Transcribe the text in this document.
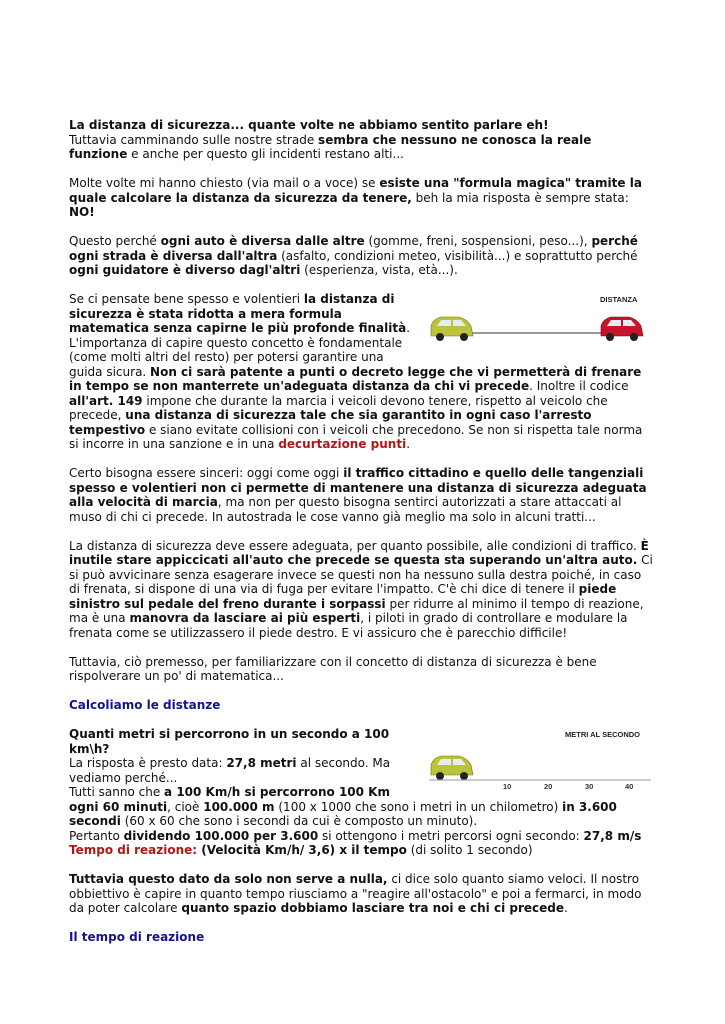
La distanza di sicurezza... quante volte ne abbiamo sentito parlare eh!
Tuttavia camminando sulle nostre strade sembra che nessuno ne conosca la reale funzione e anche per questo gli incidenti restano alti...

Molte volte mi hanno chiesto (via mail o a voce) se esiste una "formula magica" tramite la quale calcolare la distanza da sicurezza da tenere, beh la mia risposta è sempre stata: NO!

Questo perché ogni auto è diversa dalle altre (gomme, freni, sospensioni, peso...), perché ogni strada è diversa dall'altra (asfalto, condizioni meteo, visibilità...) e soprattutto perché ogni guidatore è diverso dagl'altri (esperienza, vista, età...).

DISTANZA

Se ci pensate bene spesso e volentieri la distanza di sicurezza è stata ridotta a mera formula matematica senza capirne le più profonde finalità. L'importanza di capire questo concetto è fondamentale (come molti altri del resto) per potersi garantire una guida sicura. Non ci sarà patente a punti o decreto legge che vi permetterà di frenare in tempo se non manterrete un'adeguata distanza da chi vi precede. Inoltre il codice all'art. 149 impone che durante la marcia i veicoli devono tenere, rispetto al veicolo che precede, una distanza di sicurezza tale che sia garantito in ogni caso l'arresto tempestivo e siano evitate collisioni con i veicoli che precedono. Se non si rispetta tale norma si incorre in una sanzione e in una decurtazione punti.

Certo bisogna essere sinceri: oggi come oggi il traffico cittadino e quello delle tangenziali spesso e volentieri non ci permette di mantenere una distanza di sicurezza adeguata alla velocità di marcia, ma non per questo bisogna sentirci autorizzati a stare attaccati al muso di chi ci precede. In autostrada le cose vanno già meglio ma solo in alcuni tratti...

La distanza di sicurezza deve essere adeguata, per quanto possibile, alle condizioni di traffico. È inutile stare appiccicati all'auto che precede se questa sta superando un'altra auto. Ci si può avvicinare senza esagerare invece se questi non ha nessuno sulla destra poiché, in caso di frenata, si dispone di una via di fuga per evitare l'impatto. C'è chi dice di tenere il piede sinistro sul pedale del freno durante i sorpassi per ridurre al minimo il tempo di reazione, ma è una manovra da lasciare ai più esperti, i piloti in grado di controllare e modulare la frenata come se utilizzassero il piede destro. E vi assicuro che è parecchio difficile!

Tuttavia, ciò premesso, per familiarizzare con il concetto di distanza di sicurezza è bene rispolverare un po' di matematica...

Calcoliamo le distanze

METRI AL SECONDO
10	20	30	40

Quanti metri si percorrono in un secondo a 100 km\h?
La risposta è presto data: 27,8 metri al secondo. Ma vediamo perché...
Tutti sanno che a 100 Km/h si percorrono 100 Km ogni 60 minuti, cioè 100.000 m (100 x 1000 che sono i metri in un chilometro) in 3.600 secondi (60 x 60 che sono i secondi da cui è composto un minuto).
Pertanto dividendo 100.000 per 3.600 si ottengono i metri percorsi ogni secondo: 27,8 m/s
Tempo di reazione: (Velocità Km/h/ 3,6) x il tempo (di solito 1 secondo)

Tuttavia questo dato da solo non serve a nulla, ci dice solo quanto siamo veloci. Il nostro obbiettivo è capire in quanto tempo riusciamo a "reagire all'ostacolo" e poi a fermarci, in modo da poter calcolare quanto spazio dobbiamo lasciare tra noi e chi ci precede.

Il tempo di reazione
